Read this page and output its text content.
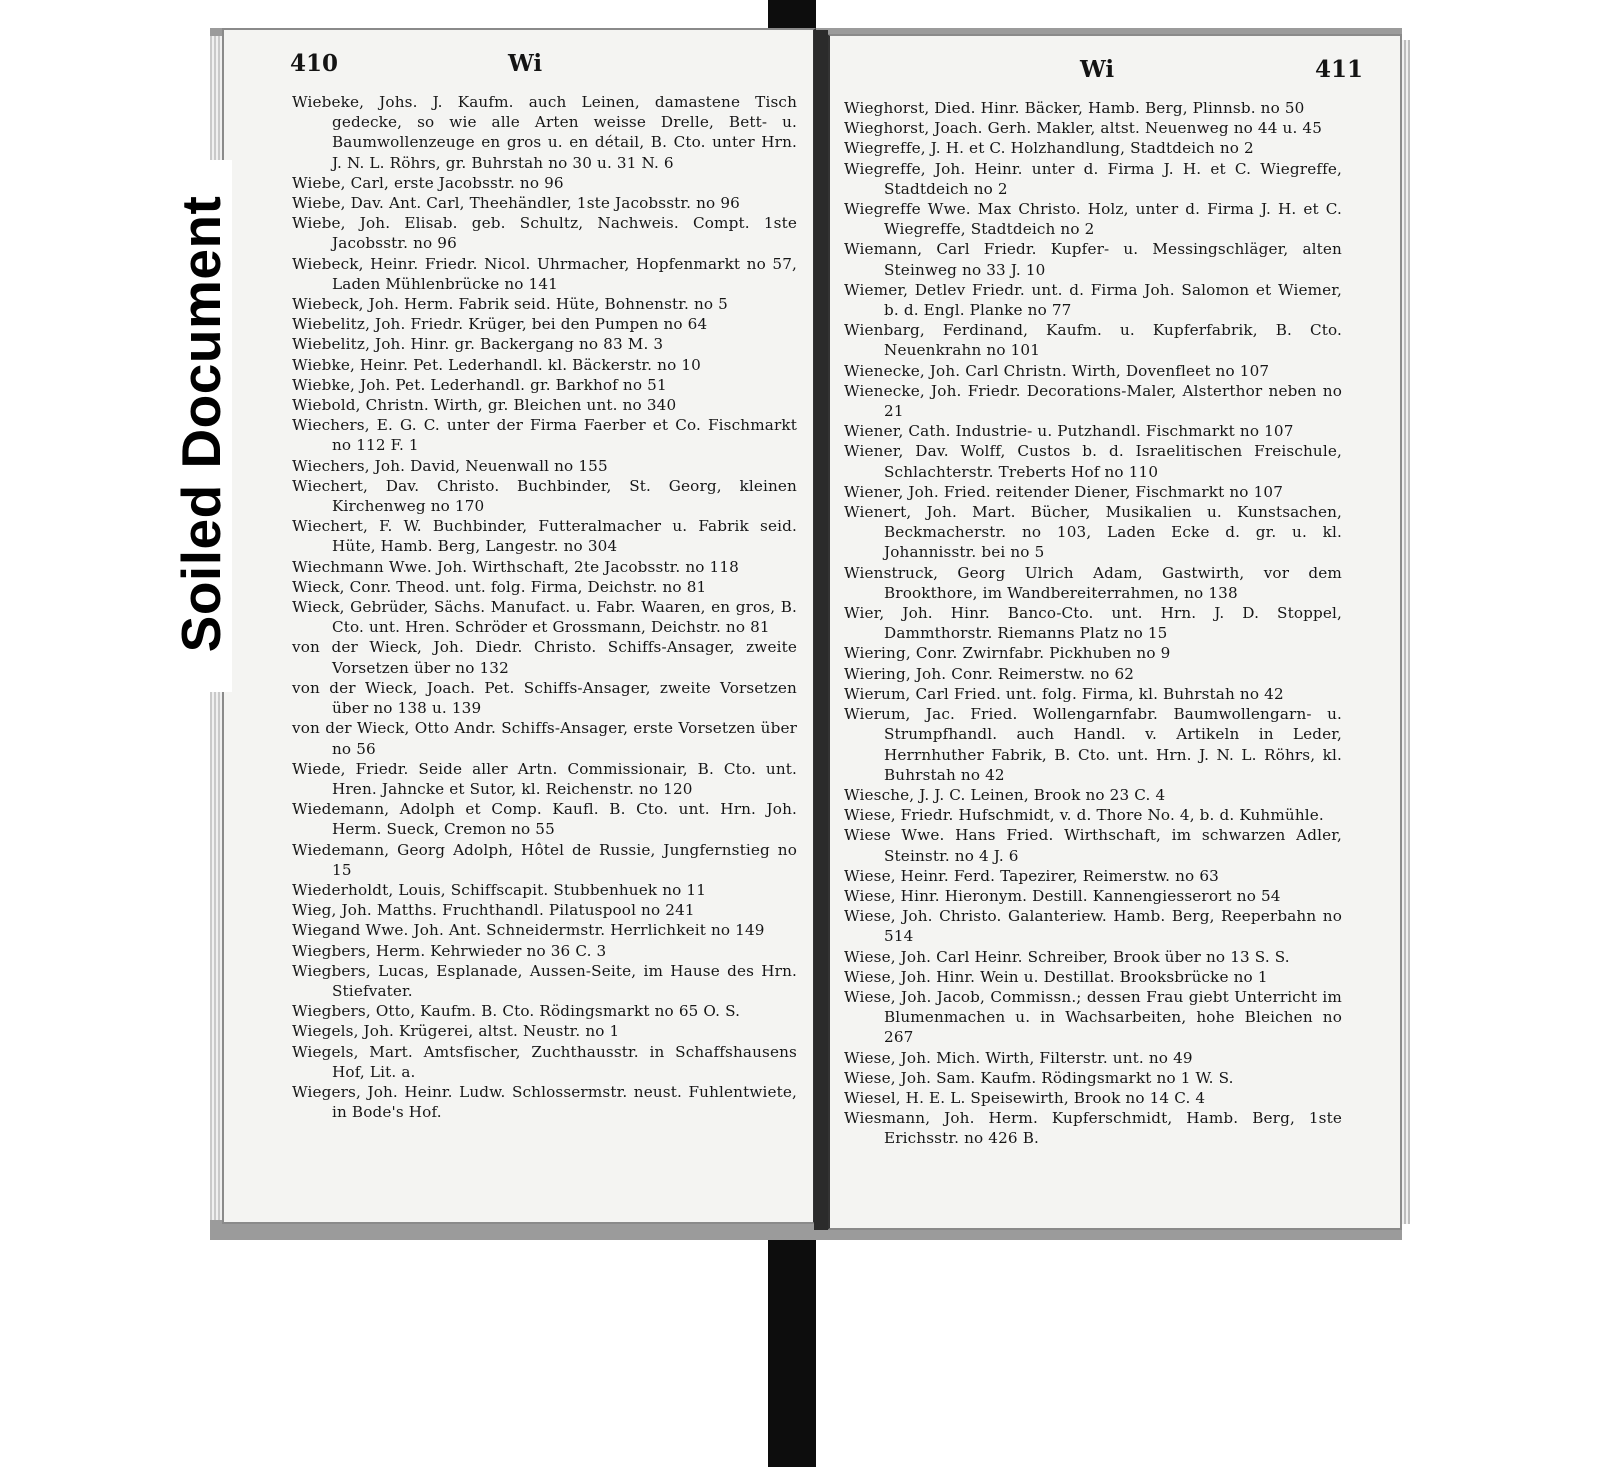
410	Wi

Wiebeke, Johs. J. Kaufm. auch Leinen, damastene Tisch gedecke, so wie alle Arten weisse Drelle, Bett- u. Baumwollenzeuge en gros u. en détail, B. Cto. unter Hrn. J. N. L. Röhrs, gr. Buhrstah no 30 u. 31 N. 6

Wiebe, Carl, erste Jacobsstr. no 96

Wiebe, Dav. Ant. Carl, Theehändler, 1ste Jacobsstr. no 96

Wiebe, Joh. Elisab. geb. Schultz, Nachweis. Compt. 1ste Jacobsstr. no 96

Wiebeck, Heinr. Friedr. Nicol. Uhrmacher, Hopfenmarkt no 57, Laden Mühlenbrücke no 141

Wiebeck, Joh. Herm. Fabrik seid. Hüte, Bohnenstr. no 5

Wiebelitz, Joh. Friedr. Krüger, bei den Pumpen no 64

Wiebelitz, Joh. Hinr. gr. Backergang no 83 M. 3

Wiebke, Heinr. Pet. Lederhandl. kl. Bäckerstr. no 10

Wiebke, Joh. Pet. Lederhandl. gr. Barkhof no 51

Wiebold, Christn. Wirth, gr. Bleichen unt. no 340

Wiechers, E. G. C. unter der Firma Faerber et Co. Fischmarkt no 112 F. 1

Wiechers, Joh. David, Neuenwall no 155

Wiechert, Dav. Christo. Buchbinder, St. Georg, kleinen Kirchenweg no 170

Wiechert, F. W. Buchbinder, Futteralmacher u. Fabrik seid. Hüte, Hamb. Berg, Langestr. no 304

Wiechmann Wwe. Joh. Wirthschaft, 2te Jacobsstr. no 118

Wieck, Conr. Theod. unt. folg. Firma, Deichstr. no 81

Wieck, Gebrüder, Sächs. Manufact. u. Fabr. Waaren, en gros, B. Cto. unt. Hren. Schröder et Grossmann, Deichstr. no 81

von der Wieck, Joh. Diedr. Christo. Schiffs-Ansager, zweite Vorsetzen über no 132

von der Wieck, Joach. Pet. Schiffs-Ansager, zweite Vorsetzen über no 138 u. 139

von der Wieck, Otto Andr. Schiffs-Ansager, erste Vorsetzen über no 56

Wiede, Friedr. Seide aller Artn. Commissionair, B. Cto. unt. Hren. Jahncke et Sutor, kl. Reichenstr. no 120

Wiedemann, Adolph et Comp. Kaufl. B. Cto. unt. Hrn. Joh. Herm. Sueck, Cremon no 55

Wiedemann, Georg Adolph, Hôtel de Russie, Jungfernstieg no 15

Wiederholdt, Louis, Schiffscapit. Stubbenhuek no 11

Wieg, Joh. Matths. Fruchthandl. Pilatuspool no 241

Wiegand Wwe. Joh. Ant. Schneidermstr. Herrlichkeit no 149

Wiegbers, Herm. Kehrwieder no 36 C. 3

Wiegbers, Lucas, Esplanade, Aussen-Seite, im Hause des Hrn. Stiefvater.

Wiegbers, Otto, Kaufm. B. Cto. Rödingsmarkt no 65 O. S.

Wiegels, Joh. Krügerei, altst. Neustr. no 1

Wiegels, Mart. Amtsfischer, Zuchthausstr. in Schaffshausens Hof, Lit. a.

Wiegers, Joh. Heinr. Ludw. Schlossermstr. neust. Fuhlentwiete, in Bode's Hof.

Wi	411

Wieghorst, Died. Hinr. Bäcker, Hamb. Berg, Plinnsb. no 50

Wieghorst, Joach. Gerh. Makler, altst. Neuenweg no 44 u. 45

Wiegreffe, J. H. et C. Holzhandlung, Stadtdeich no 2

Wiegreffe, Joh. Heinr. unter d. Firma J. H. et C. Wiegreffe, Stadtdeich no 2

Wiegreffe Wwe. Max Christo. Holz, unter d. Firma J. H. et C. Wiegreffe, Stadtdeich no 2

Wiemann, Carl Friedr. Kupfer- u. Messingschläger, alten Steinweg no 33 J. 10

Wiemer, Detlev Friedr. unt. d. Firma Joh. Salomon et Wiemer, b. d. Engl. Planke no 77

Wienbarg, Ferdinand, Kaufm. u. Kupferfabrik, B. Cto. Neuenkrahn no 101

Wienecke, Joh. Carl Christn. Wirth, Dovenfleet no 107

Wienecke, Joh. Friedr. Decorations-Maler, Alsterthor neben no 21

Wiener, Cath. Industrie- u. Putzhandl. Fischmarkt no 107

Wiener, Dav. Wolff, Custos b. d. Israelitischen Freischule, Schlachterstr. Treberts Hof no 110

Wiener, Joh. Fried. reitender Diener, Fischmarkt no 107

Wienert, Joh. Mart. Bücher, Musikalien u. Kunstsachen, Beckmacherstr. no 103, Laden Ecke d. gr. u. kl. Johannisstr. bei no 5

Wienstruck, Georg Ulrich Adam, Gastwirth, vor dem Brookthore, im Wandbereiterrahmen, no 138

Wier, Joh. Hinr. Banco-Cto. unt. Hrn. J. D. Stoppel, Dammthorstr. Riemanns Platz no 15

Wiering, Conr. Zwirnfabr. Pickhuben no 9

Wiering, Joh. Conr. Reimerstw. no 62

Wierum, Carl Fried. unt. folg. Firma, kl. Buhrstah no 42

Wierum, Jac. Fried. Wollengarnfabr. Baumwollengarn- u. Strumpfhandl. auch Handl. v. Artikeln in Leder, Herrnhuther Fabrik, B. Cto. unt. Hrn. J. N. L. Röhrs, kl. Buhrstah no 42

Wiesche, J. J. C. Leinen, Brook no 23 C. 4

Wiese, Friedr. Hufschmidt, v. d. Thore No. 4, b. d. Kuhmühle.

Wiese Wwe. Hans Fried. Wirthschaft, im schwarzen Adler, Steinstr. no 4 J. 6

Wiese, Heinr. Ferd. Tapezirer, Reimerstw. no 63

Wiese, Hinr. Hieronym. Destill. Kannengiesserort no 54

Wiese, Joh. Christo. Galanteriew. Hamb. Berg, Reeperbahn no 514

Wiese, Joh. Carl Heinr. Schreiber, Brook über no 13 S. S.

Wiese, Joh. Hinr. Wein u. Destillat. Brooksbrücke no 1

Wiese, Joh. Jacob, Commissn.; dessen Frau giebt Unterricht im Blumenmachen u. in Wachsarbeiten, hohe Bleichen no 267

Wiese, Joh. Mich. Wirth, Filterstr. unt. no 49

Wiese, Joh. Sam. Kaufm. Rödingsmarkt no 1 W. S.

Wiesel, H. E. L. Speisewirth, Brook no 14 C. 4

Wiesmann, Joh. Herm. Kupferschmidt, Hamb. Berg, 1ste Erichsstr. no 426 B.

Soiled Document
